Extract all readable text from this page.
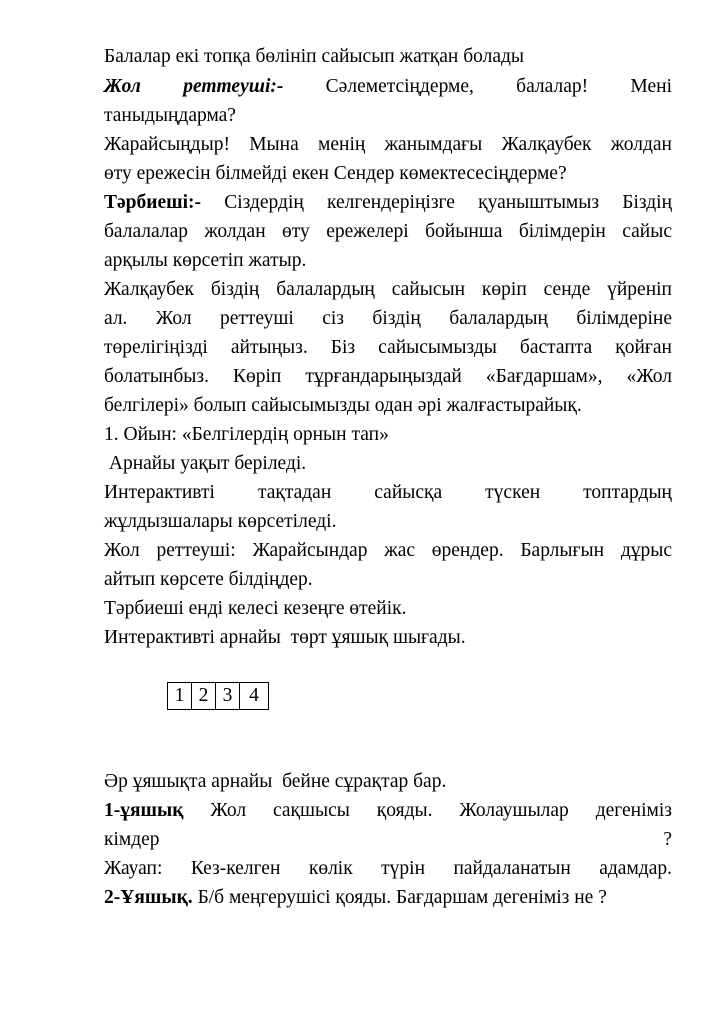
Балалар екі топқа бөлініп сайысып жатқан болады

Жол реттеуші:- Сәлеметсіңдерме, балалар! Мені

таныдыңдарма?

Жарайсыңдыр! Мына менің жанымдағы Жалқаубек жолдан

өту ережесін білмейді екен Сендер көмектесесіңдерме?

Тәрбиеші:- Сіздердің келгендеріңізге қуаныштымыз Біздің

балалалар жолдан өту ережелері бойынша білімдерін сайыс

арқылы көрсетіп жатыр.

Жалқаубек біздің балалардың сайысын көріп сенде үйреніп

ал. Жол реттеуші сіз біздің балалардың білімдеріне

төрелігіңізді айтыңыз. Біз сайысымызды бастапта қойған

болатынбыз. Көріп тұрғандарыңыздай «Бағдаршам», «Жол

белгілері» болып сайысымызды одан әрі жалғастырайық.

1. Ойын: «Белгілердің орнын тап»

Арнайы уақыт беріледі.

Интерактивті тақтадан сайысқа түскен топтардың

жұлдызшалары көрсетіледі.

Жол реттеуші: Жарайсындар жас өрендер. Барлығын дұрыс

айтып көрсете білдіңдер.

Тәрбиеші енді келесі кезеңге өтейік.

Интерактивті арнайы  төрт ұяшық шығады.

1	2	3	4

Әр ұяшықта арнайы  бейне сұрақтар бар.

1-ұяшық Жол сақшысы қояды. Жолаушылар дегеніміз

кімдер	?

Жауап: Кез-келген көлік түрін пайдаланатын адамдар.

2-Ұяшық. Б/б меңгерушісі қояды. Бағдаршам дегеніміз не ?
